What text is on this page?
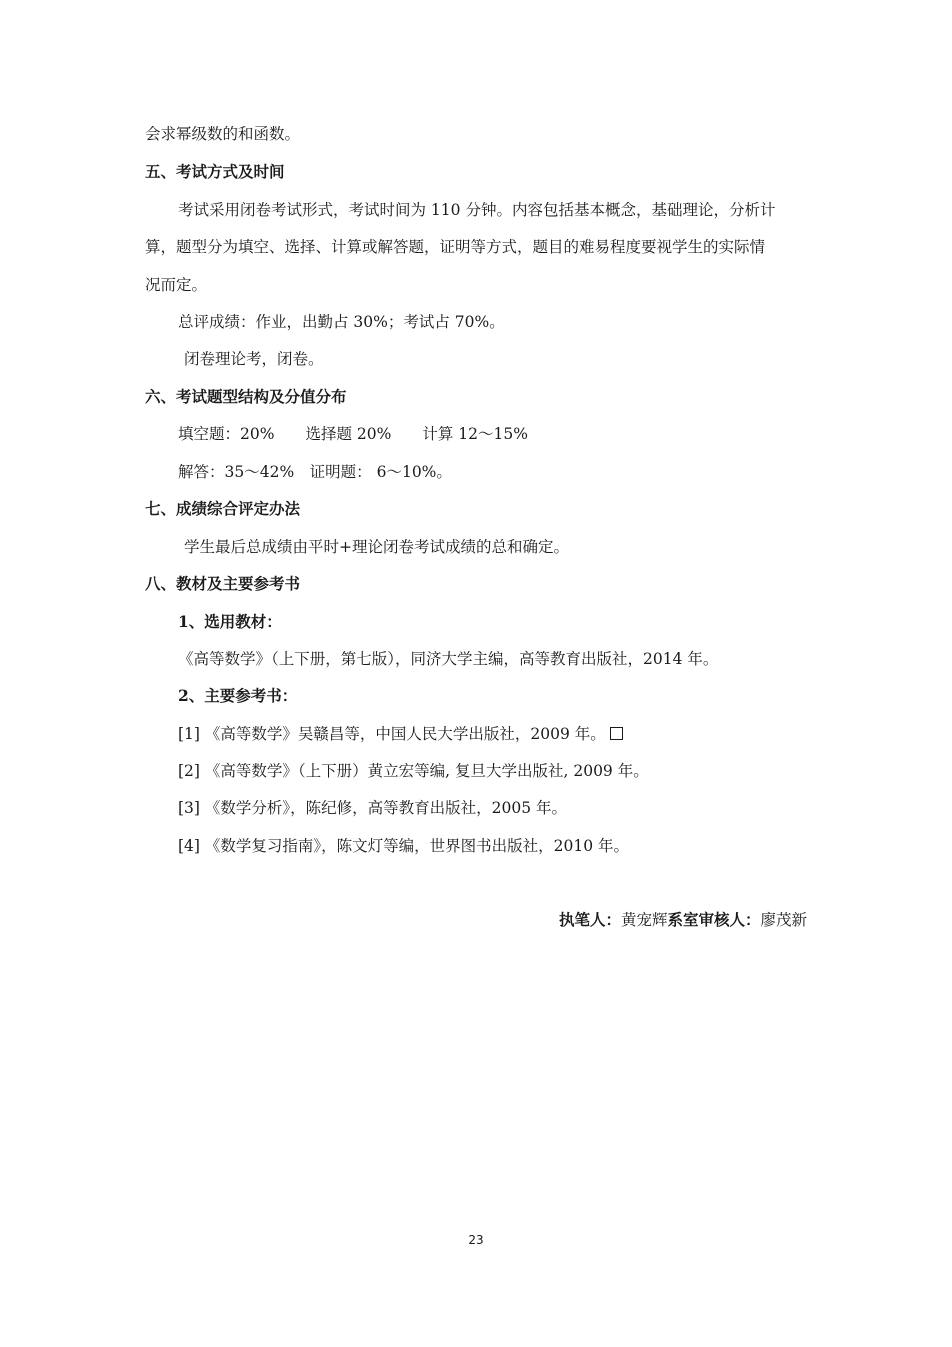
会求幂级数的和函数。
五、考试方式及时间
考试采用闭卷考试形式，考试时间为 110 分钟。内容包括基本概念，基础理论，分析计
算，题型分为填空、选择、计算或解答题，证明等方式，题目的难易程度要视学生的实际情
况而定。
总评成绩：作业，出勤占 30%；考试占 70%。
闭卷理论考，闭卷。
六、考试题型结构及分值分布
填空题：20%　　选择题 20%　　计算 12～15%
解答：35～42%　证明题： 6～10%。
七、成绩综合评定办法
学生最后总成绩由平时+理论闭卷考试成绩的总和确定。
八、教材及主要参考书
1、选用教材：
《高等数学》（上下册，第七版），同济大学主编，高等教育出版社，2014 年。
2、主要参考书：
[1] 《高等数学》吴赣昌等，中国人民大学出版社，2009 年。
[2] 《高等数学》（上下册）黄立宏等编, 复旦大学出版社, 2009 年。
[3] 《数学分析》，陈纪修，高等教育出版社，2005 年。
[4] 《数学复习指南》，陈文灯等编，世界图书出版社，2010 年。
执笔人：黄宠辉系室审核人：廖茂新
23
